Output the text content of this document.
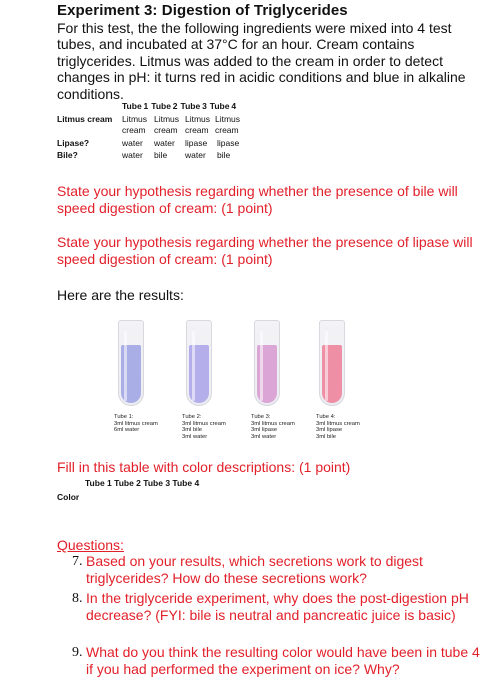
Experiment 3: Digestion of Triglycerides
For this test, the the following ingredients were mixed into 4 test tubes, and incubated at 37°C for an hour. Cream contains triglycerides. Litmus was added to the cream in order to detect changes in pH: it turns red in acidic conditions and blue in alkaline conditions.
Tube 1 Tube 2 Tube 3 Tube 4
Litmus cream Litmus Litmus Litmus Litmus
cream cream cream cream
Lipase?	water water lipase lipase
Bile?	water bile water bile
State your hypothesis regarding whether the presence of bile will speed digestion of cream: (1 point)
State your hypothesis regarding whether the presence of lipase will speed digestion of cream: (1 point)
Here are the results:
Tube 1:
3ml litmus cream
6ml water
Tube 2:
3ml litmus cream
3ml bile
3ml water
Tube 3:
3ml litmus cream
3ml lipase
3ml water
Tube 4:
3ml litmus cream
3ml lipase
3ml bile
Fill in this table with color descriptions: (1 point)
Tube 1 Tube 2 Tube 3 Tube 4
Color
Questions:
7. Based on your results, which secretions work to digest triglycerides? How do these secretions work?
8. In the triglyceride experiment, why does the post-digestion pH decrease? (FYI: bile is neutral and pancreatic juice is basic)
9. What do you think the resulting color would have been in tube 4 if you had performed the experiment on ice? Why?
